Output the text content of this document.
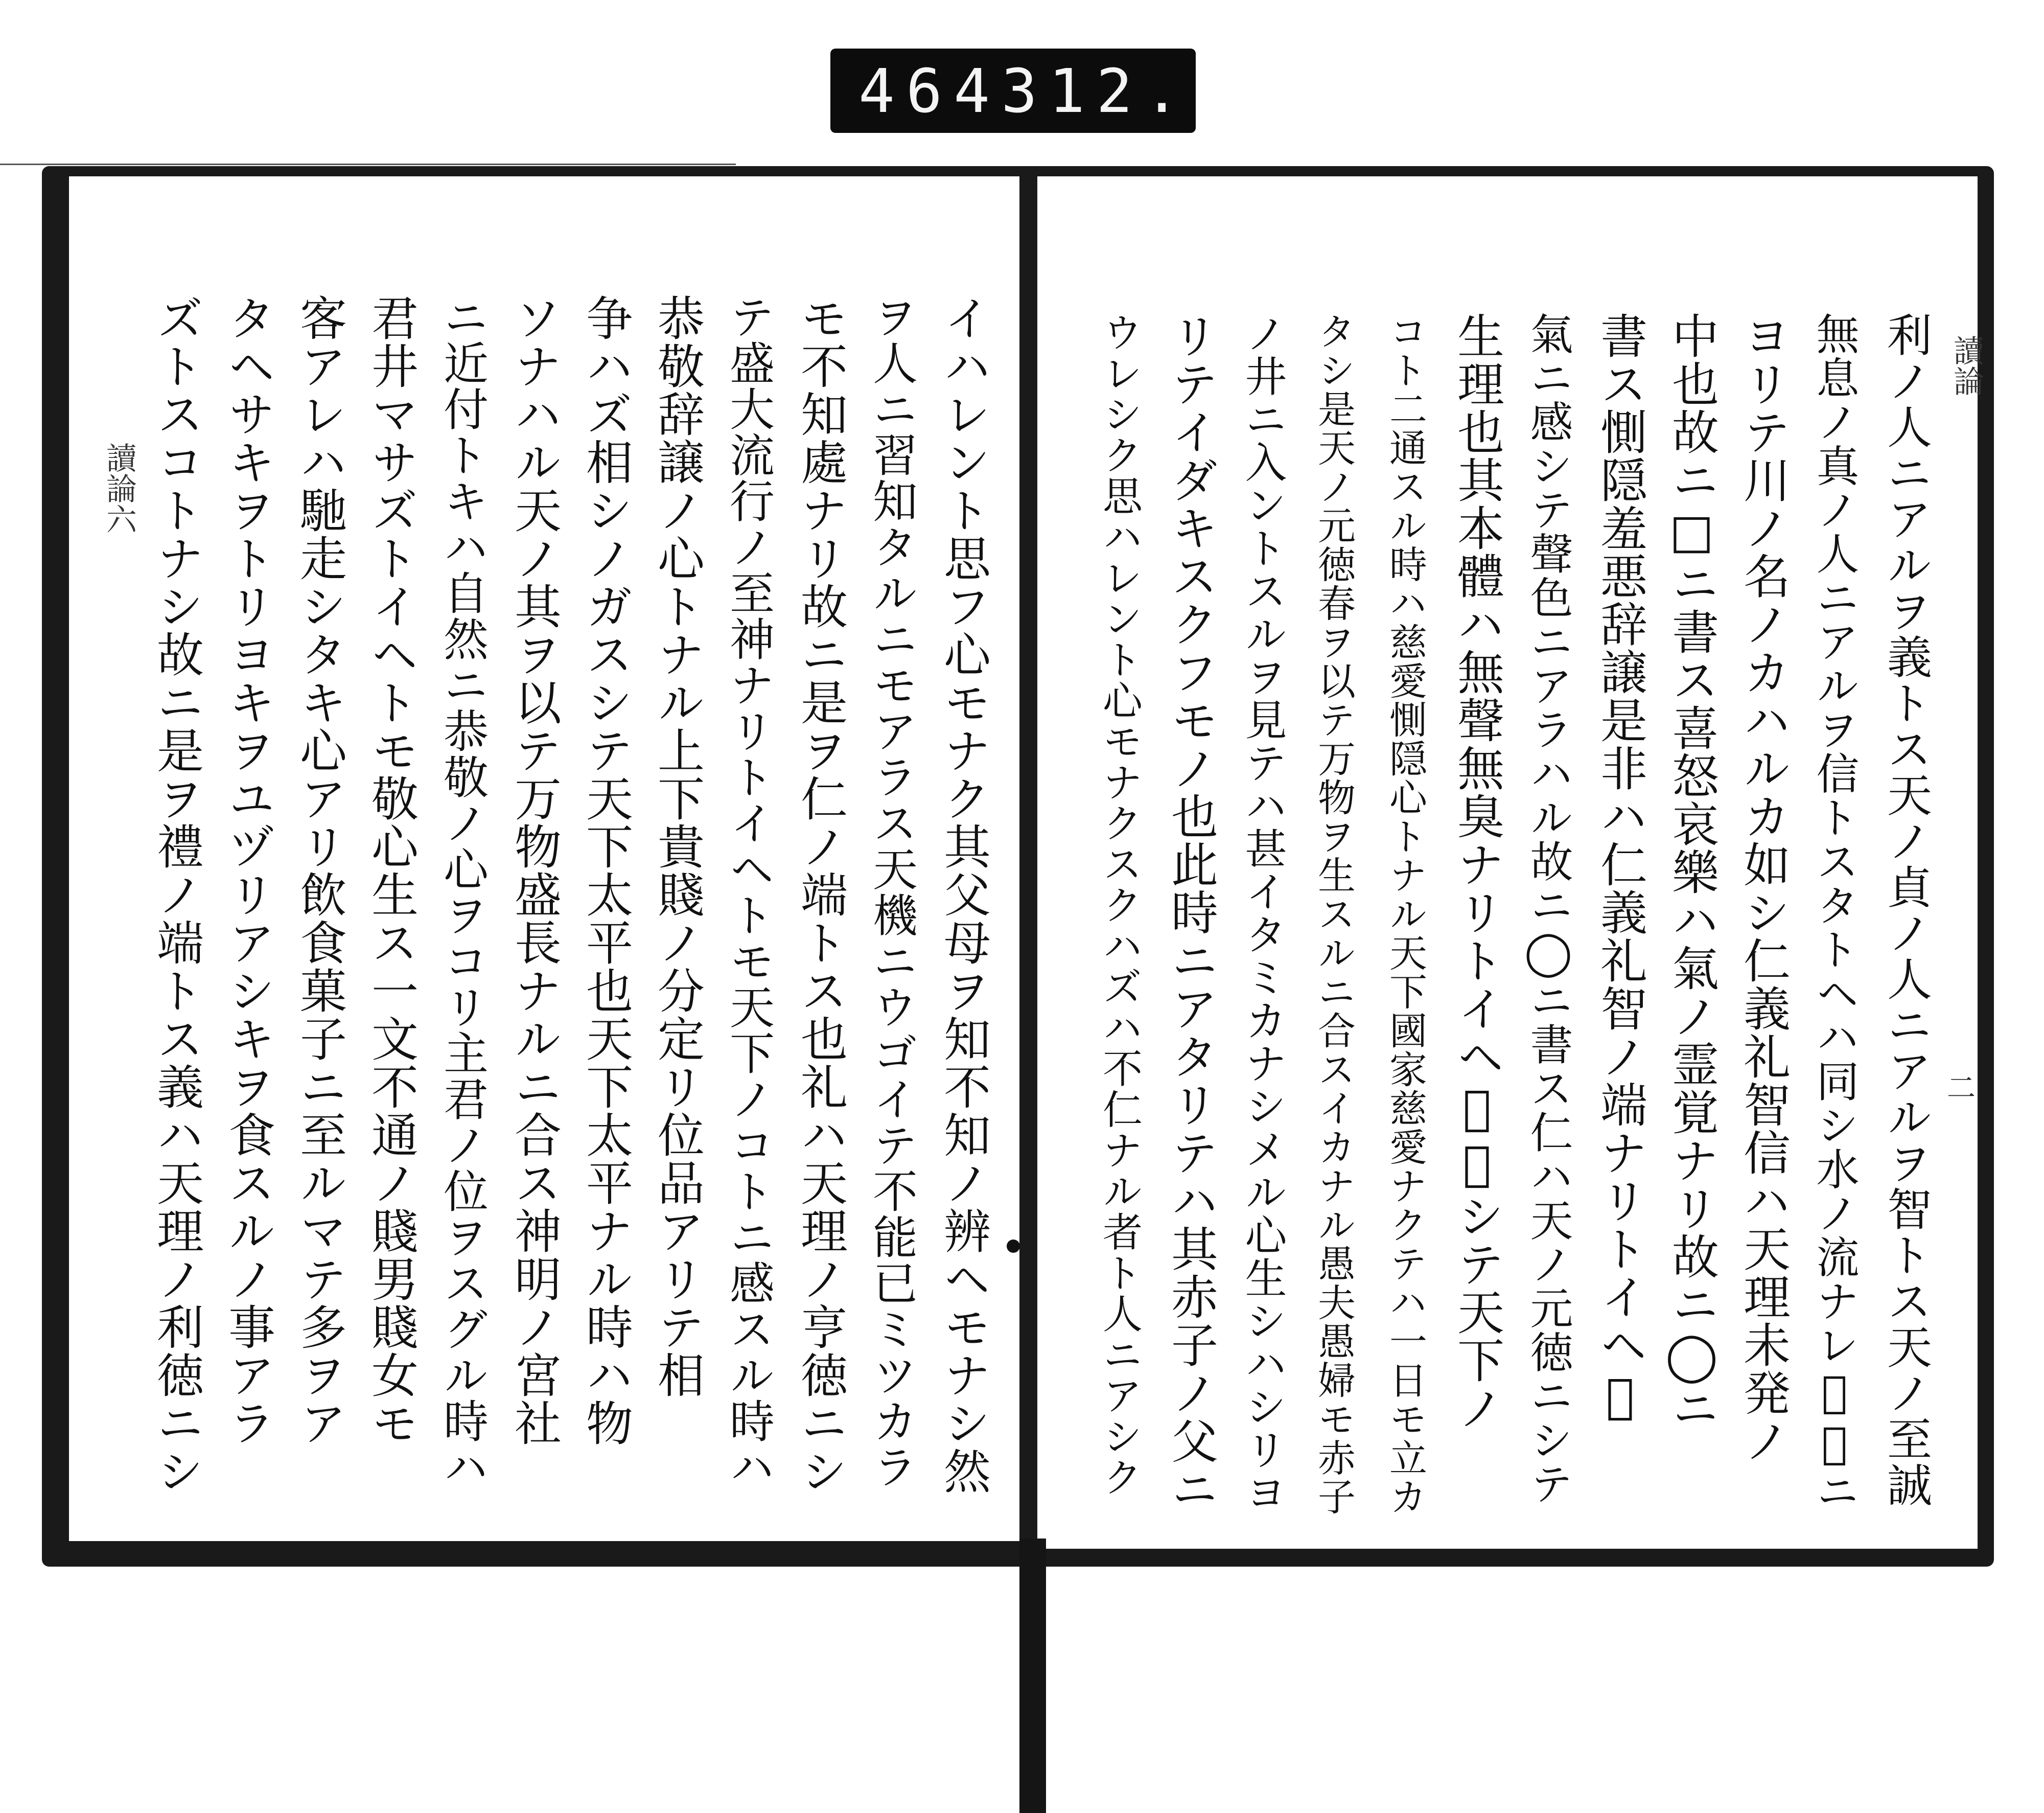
464 312.
讀論六	イハレント思フ心モナク其父母ヲ知不知ノ辨ヘモナシ然
ヲ人ニ習知タルニモアラス天機ニウゴイテ不能已ミツカラ
モ不知處ナリ故ニ是ヲ仁ノ端トス也礼ハ天理ノ亨徳ニシ
テ盛大流行ノ至神ナリトイヘトモ天下ノコトニ感スル時ハ
恭敬辞譲ノ心トナル上下貴賤ノ分定リ位品アリテ相
争ハズ相シノガスシテ天下太平也天下太平ナル時ハ物
ソナハル天ノ其ヲ以テ万物盛長ナルニ合ス神明ノ宮社
ニ近付トキハ自然ニ恭敬ノ心ヲコリ主君ノ位ヲスグル時ハ
君井マサズトイヘトモ敬心生ス一文不通ノ賤男賤女モ
客アレハ馳走シタキ心アリ飲食菓子ニ至ルマテ多ヲア
タヘサキヲトリヨキヲユヅリアシキヲ食スルノ事アラ
ズトスコトナシ故ニ是ヲ禮ノ端トス義ハ天理ノ利徳ニシ	讀論
二
利ノ人ニアルヲ義トス天ノ貞ノ人ニアルヲ智トス天ノ至誠
無息ノ真ノ人ニアルヲ信トスタトヘハ同シ水ノ流ナレ𪜈所ニ
ヨリテ川ノ名ノカハルカ如シ仁義礼智信ハ天理未発ノ
中也故ニ□ニ書ス喜怒哀樂ハ氣ノ霊覚ナリ故ニ◯ニ
書ス惻隠羞悪辞譲是非ハ仁義礼智ノ端ナリトイヘ𪜈
氣ニ感シテ聲色ニアラハル故ニ◯ニ書ス仁ハ天ノ元徳ニシテ
生理也其本體ハ無聲無臭ナリトイヘ𪜈感シテ天下ノ
コト二通スル時ハ慈愛惻隠心トナル天下國家慈愛ナクテハ一日モ立カ
タシ是天ノ元徳春ヲ以テ万物ヲ生スルニ合スイカナル愚夫愚婦モ赤子
ノ井ニ入ントスルヲ見テハ甚イタミカナシメル心生シハシリヨ
リテイダキスクフモノ也此時ニアタリテハ其赤子ノ父ニ
ウレシク思ハレント心モナクスクハズハ不仁ナル者ト人ニアシク
